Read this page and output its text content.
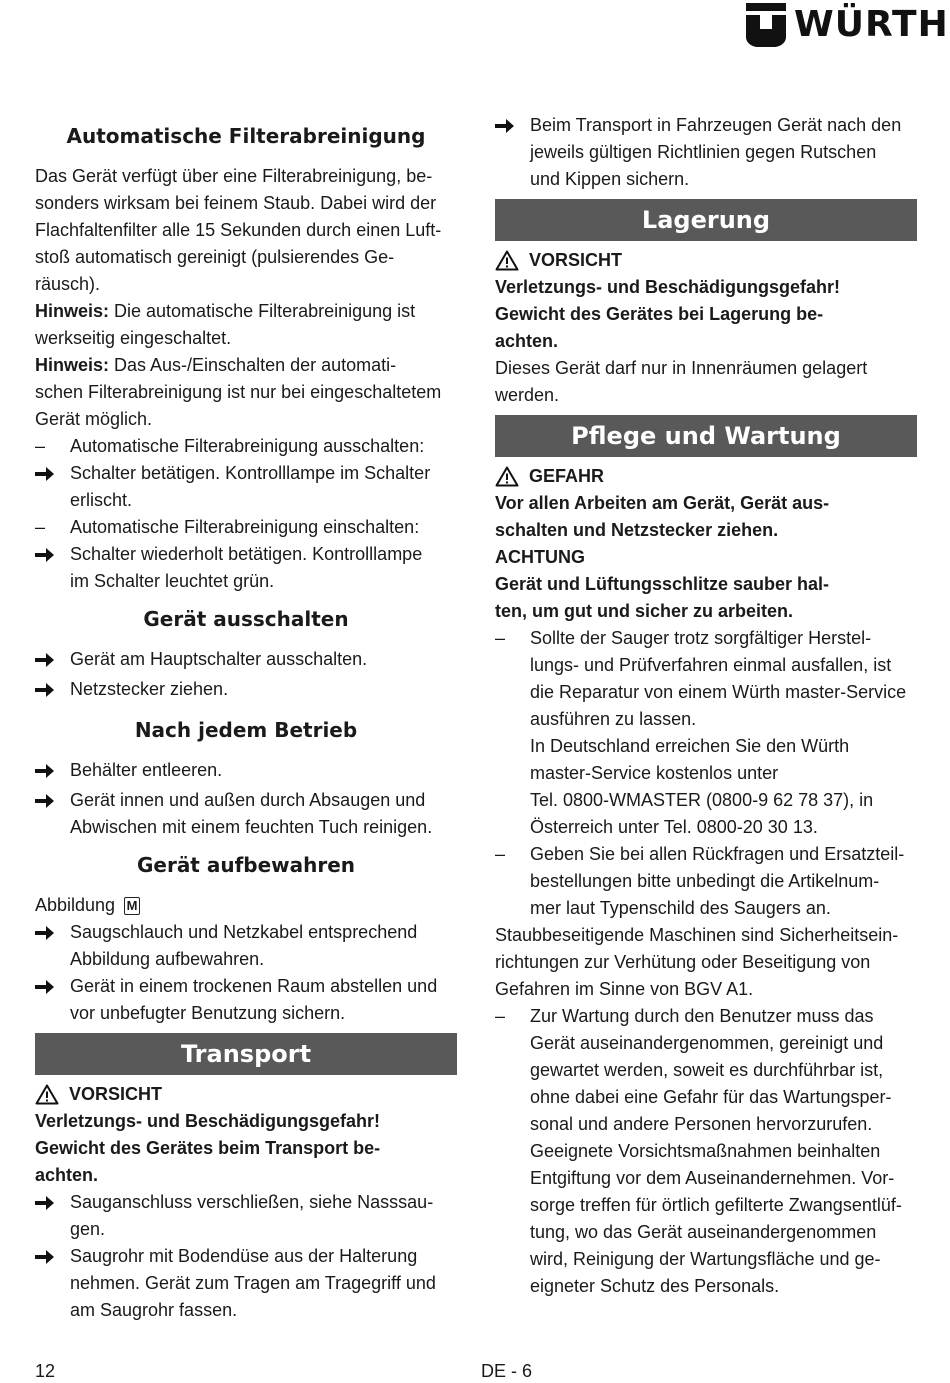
WÜRTH
Automatische Filterabreinigung

Das Gerät verfügt über eine Filterabreinigung, be-

sonders wirksam bei feinem Staub. Dabei wird der

Flachfaltenfilter alle 15 Sekunden durch einen Luft-

stoß automatisch gereinigt (pulsierendes Ge-

räusch).

Hinweis: Die automatische Filterabreinigung ist

werkseitig eingeschaltet.

Hinweis: Das Aus-/Einschalten der automati-

schen Filterabreinigung ist nur bei eingeschaltetem

Gerät möglich.

–	Automatische Filterabreinigung ausschalten:
Schalter betätigen. Kontrolllampe im Schalter
erlischt.
–	Automatische Filterabreinigung einschalten:
Schalter wiederholt betätigen. Kontrolllampe
im Schalter leuchtet grün.
Gerät ausschalten
Gerät am Hauptschalter ausschalten.
Netzstecker ziehen.
Nach jedem Betrieb
Behälter entleeren.
Gerät innen und außen durch Absaugen und
Abwischen mit einem feuchten Tuch reinigen.
Gerät aufbewahren

Abbildung M

Saugschlauch und Netzkabel entsprechend
Abbildung aufbewahren.
Gerät in einem trockenen Raum abstellen und
vor unbefugter Benutzung sichern.
Transport
VORSICHT

Verletzungs- und Beschädigungsgefahr!

Gewicht des Gerätes beim Transport be-

achten.

Sauganschluss verschließen, siehe Nasssau-
gen.
Saugrohr mit Bodendüse aus der Halterung
nehmen. Gerät zum Tragen am Tragegriff und
am Saugrohr fassen.
Beim Transport in Fahrzeugen Gerät nach den
jeweils gültigen Richtlinien gegen Rutschen
und Kippen sichern.
Lagerung
VORSICHT

Verletzungs- und Beschädigungsgefahr!

Gewicht des Gerätes bei Lagerung be-

achten.

Dieses Gerät darf nur in Innenräumen gelagert

werden.

Pflege und Wartung
GEFAHR

Vor allen Arbeiten am Gerät, Gerät aus-

schalten und Netzstecker ziehen.

ACHTUNG

Gerät und Lüftungsschlitze sauber hal-

ten, um gut und sicher zu arbeiten.

–	Sollte der Sauger trotz sorgfältiger Herstel-
lungs- und Prüfverfahren einmal ausfallen, ist
die Reparatur von einem Würth master-Service
ausführen zu lassen.
In Deutschland erreichen Sie den Würth
master-Service kostenlos unter
Tel. 0800-WMASTER (0800-9 62 78 37), in
Österreich unter Tel. 0800-20 30 13.
–	Geben Sie bei allen Rückfragen und Ersatzteil-
bestellungen bitte unbedingt die Artikelnum-
mer laut Typenschild des Saugers an.

Staubbeseitigende Maschinen sind Sicherheitsein-

richtungen zur Verhütung oder Beseitigung von

Gefahren im Sinne von BGV A1.

–	Zur Wartung durch den Benutzer muss das
Gerät auseinandergenommen, gereinigt und
gewartet werden, soweit es durchführbar ist,
ohne dabei eine Gefahr für das Wartungsper-
sonal und andere Personen hervorzurufen.
Geeignete Vorsichtsmaßnahmen beinhalten
Entgiftung vor dem Auseinandernehmen. Vor-
sorge treffen für örtlich gefilterte Zwangsentlüf-
tung, wo das Gerät auseinandergenommen
wird, Reinigung der Wartungsfläche und ge-
eigneter Schutz des Personals.
12	DE - 6
